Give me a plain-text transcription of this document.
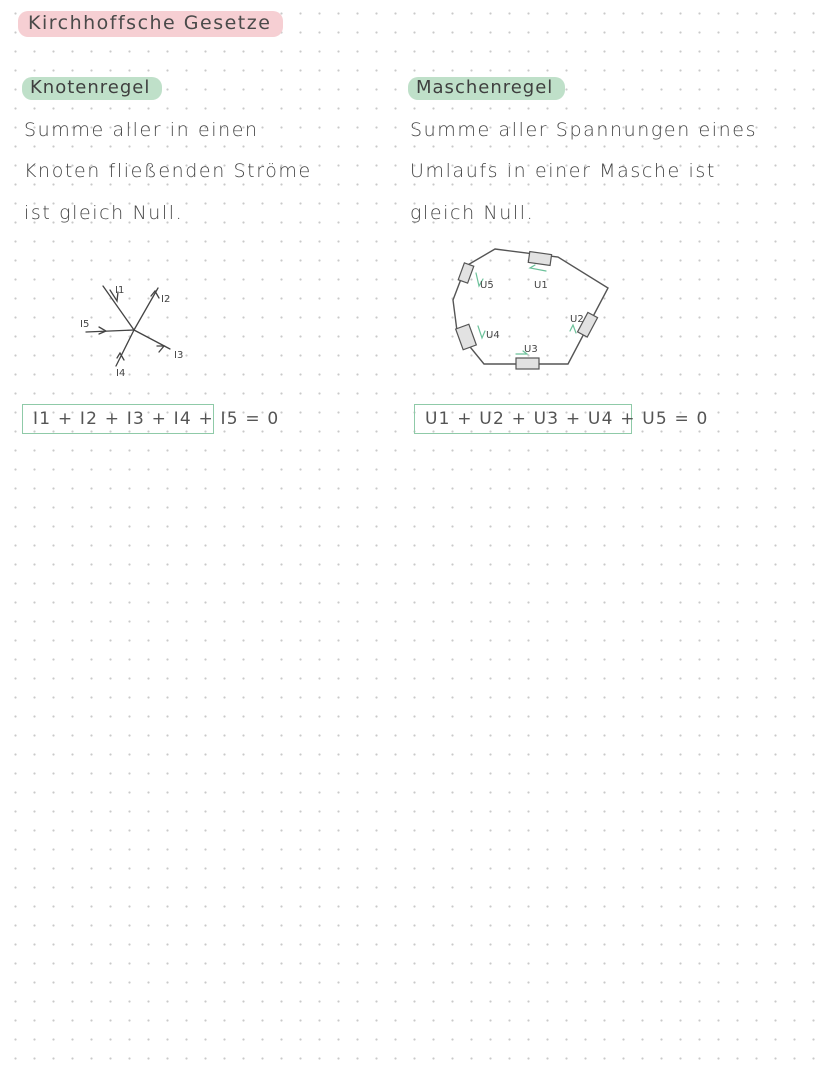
Kirchhoffsche Gesetze
Knotenregel
Summe aller in einen
Knoten fließenden Ströme
ist gleich Null.
I1
I2
I3
I4
I5
I1 + I2 + I3 + I4 + I5 = 0
Maschenregel
Summe aller Spannungen eines
Umlaufs in einer Masche ist
gleich Null.
U1
U2
U3
U4
U5
U1 + U2 + U3 + U4 + U5 = 0
